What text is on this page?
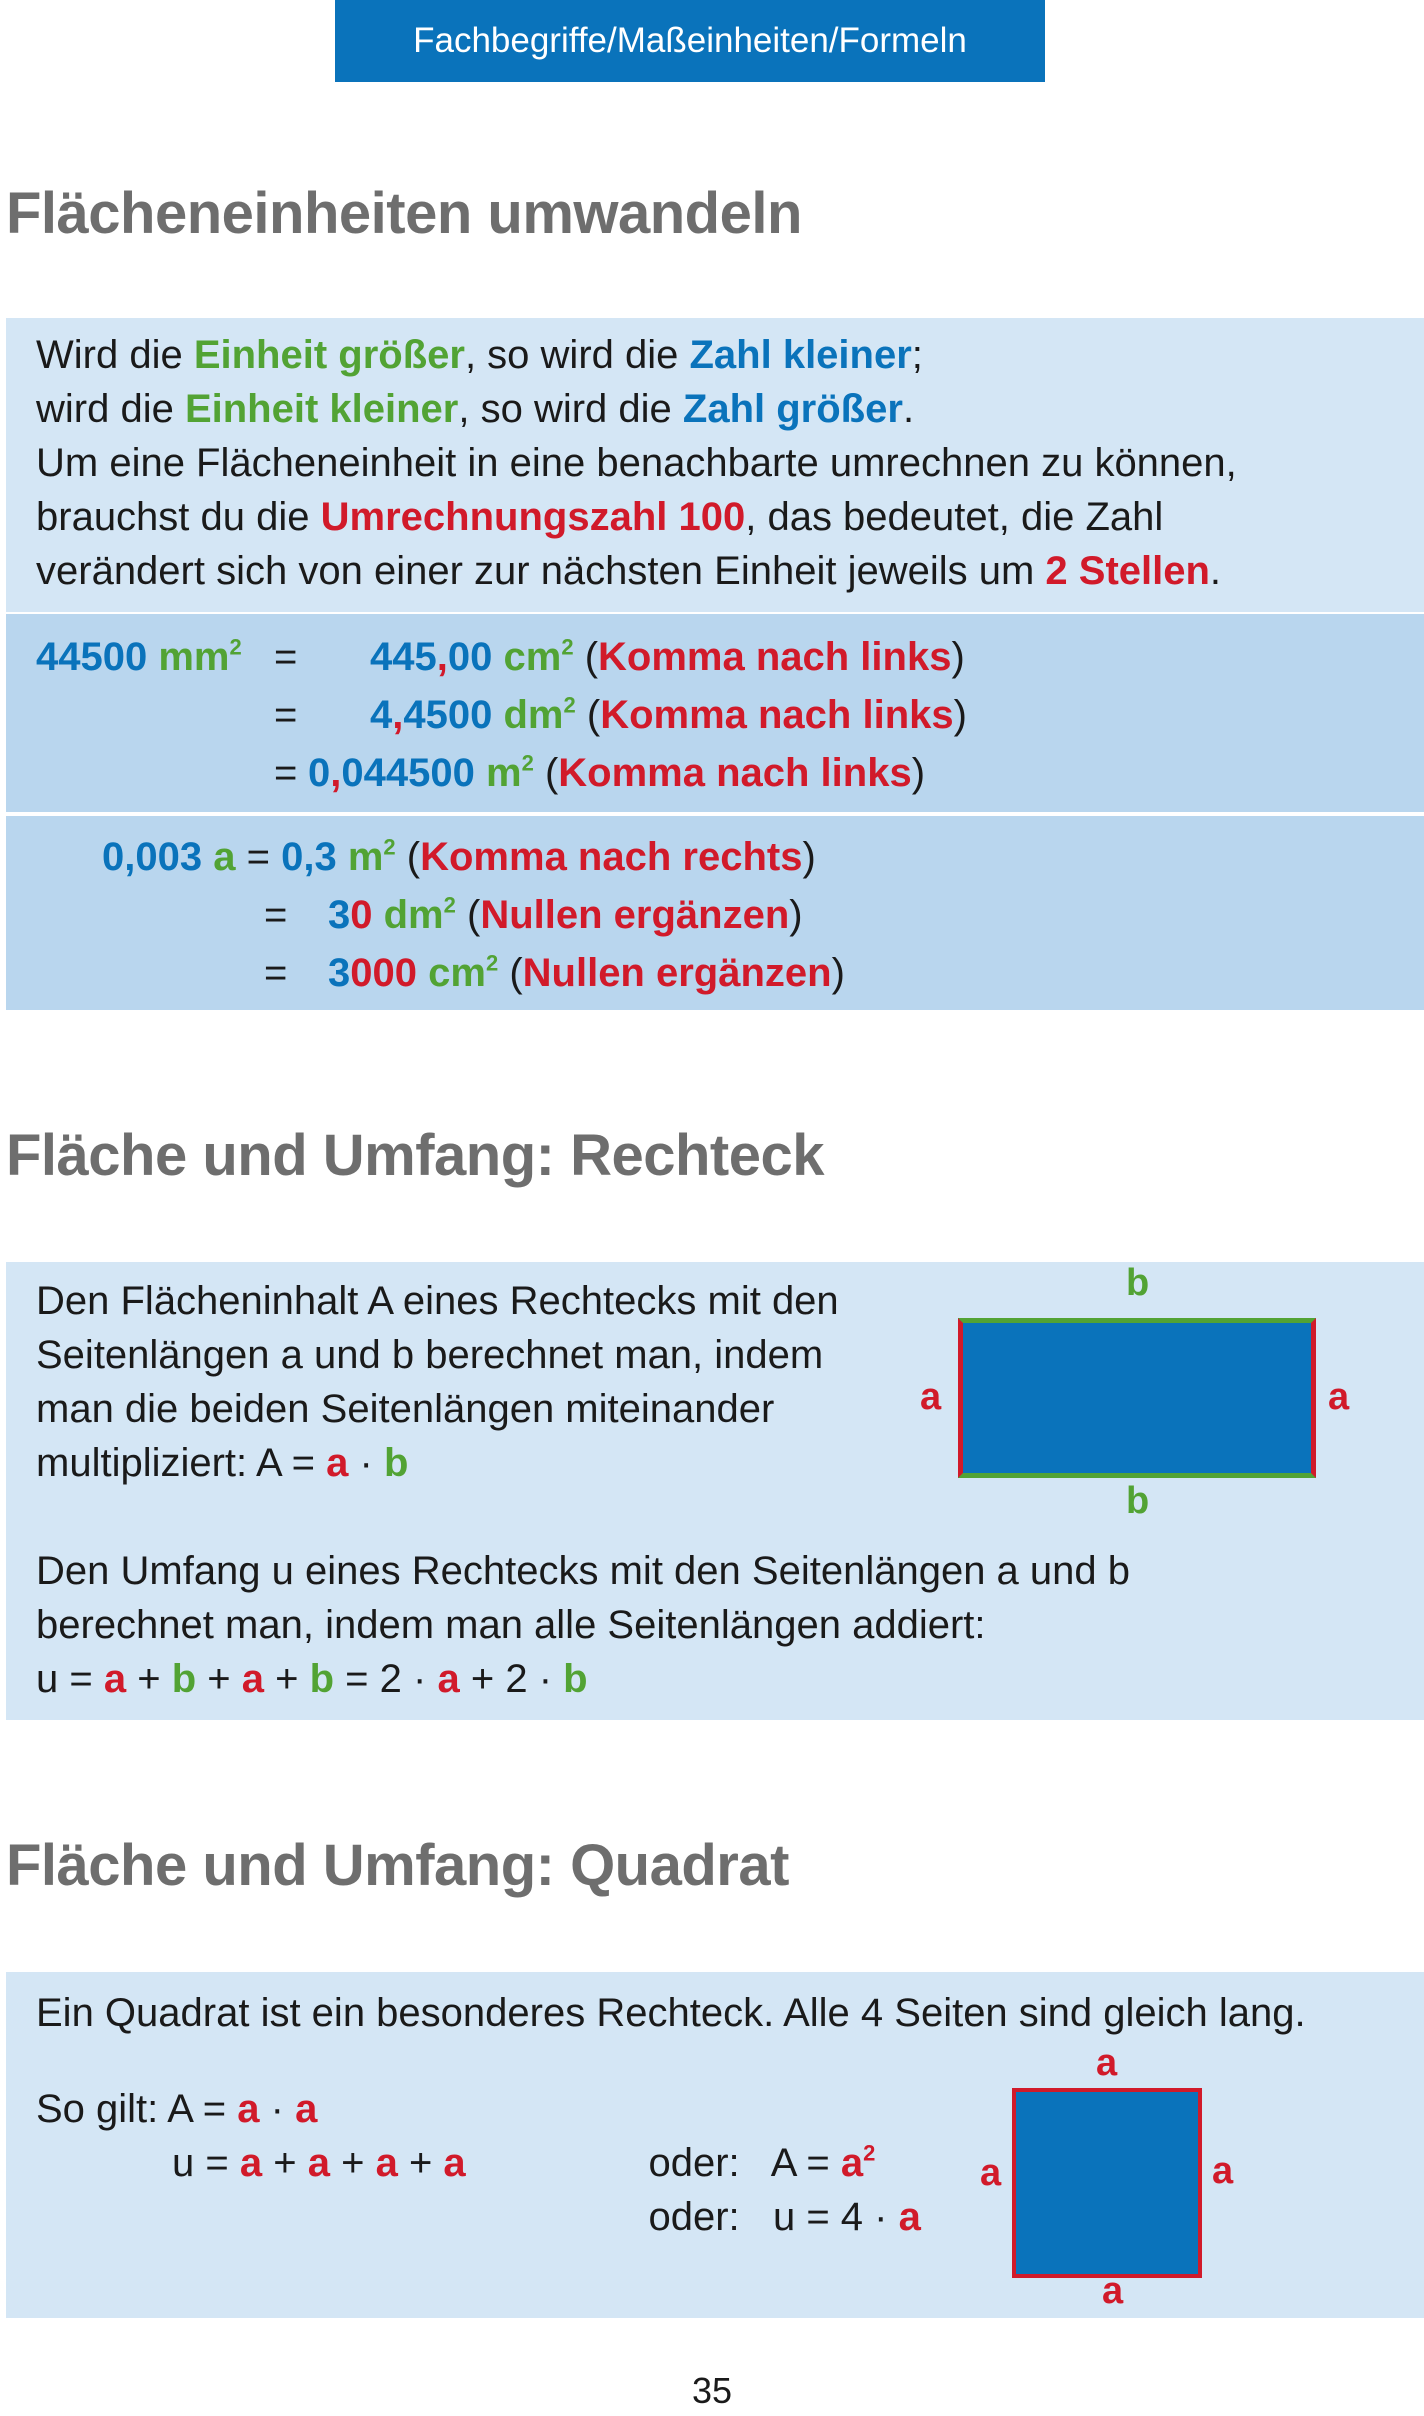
Fachbegriffe/Maßeinheiten/Formeln
Flächeneinheiten umwandeln
Wird die Einheit größer, so wird die Zahl kleiner;
wird die Einheit kleiner, so wird die Zahl größer.
Um eine Flächeneinheit in eine benachbarte umrechnen zu können,
brauchst du die Umrechnungszahl 100, das bedeutet, die Zahl
verändert sich von einer zur nächsten Einheit jeweils um 2 Stellen.
44500 $mm^2 = 445,00$ $cm^2$ (Komma nach links)
= 4,4500 $dm^2$ (Komma nach links)
= 0,044500 $m^2$ (Komma nach links)
0,003 a = 0,3 $m^2$ (Komma nach rechts)
= 30 $dm^2$ (Nullen ergänzen)
= 3000 $cm^2$ (Nullen ergänzen)
Fläche und Umfang: Rechteck
Den Flächeninhalt A eines Rechtecks mit den
Seitenlängen a und b berechnet man, indem
man die beiden Seitenlängen miteinander
multipliziert: A = a · b
b
b
a	a
Den Umfang u eines Rechtecks mit den Seitenlängen a und b
berechnet man, indem man alle Seitenlängen addiert:
u = a + b + a + b = 2 · a + 2 · b
Fläche und Umfang: Quadrat
Ein Quadrat ist ein besonderes Rechteck. Alle 4 Seiten sind gleich lang.
So gilt: A = a · a
u = a + a + a + a	oder:   $A = a^2$

oder:   u = 4 · a

a
a
a	a
35
